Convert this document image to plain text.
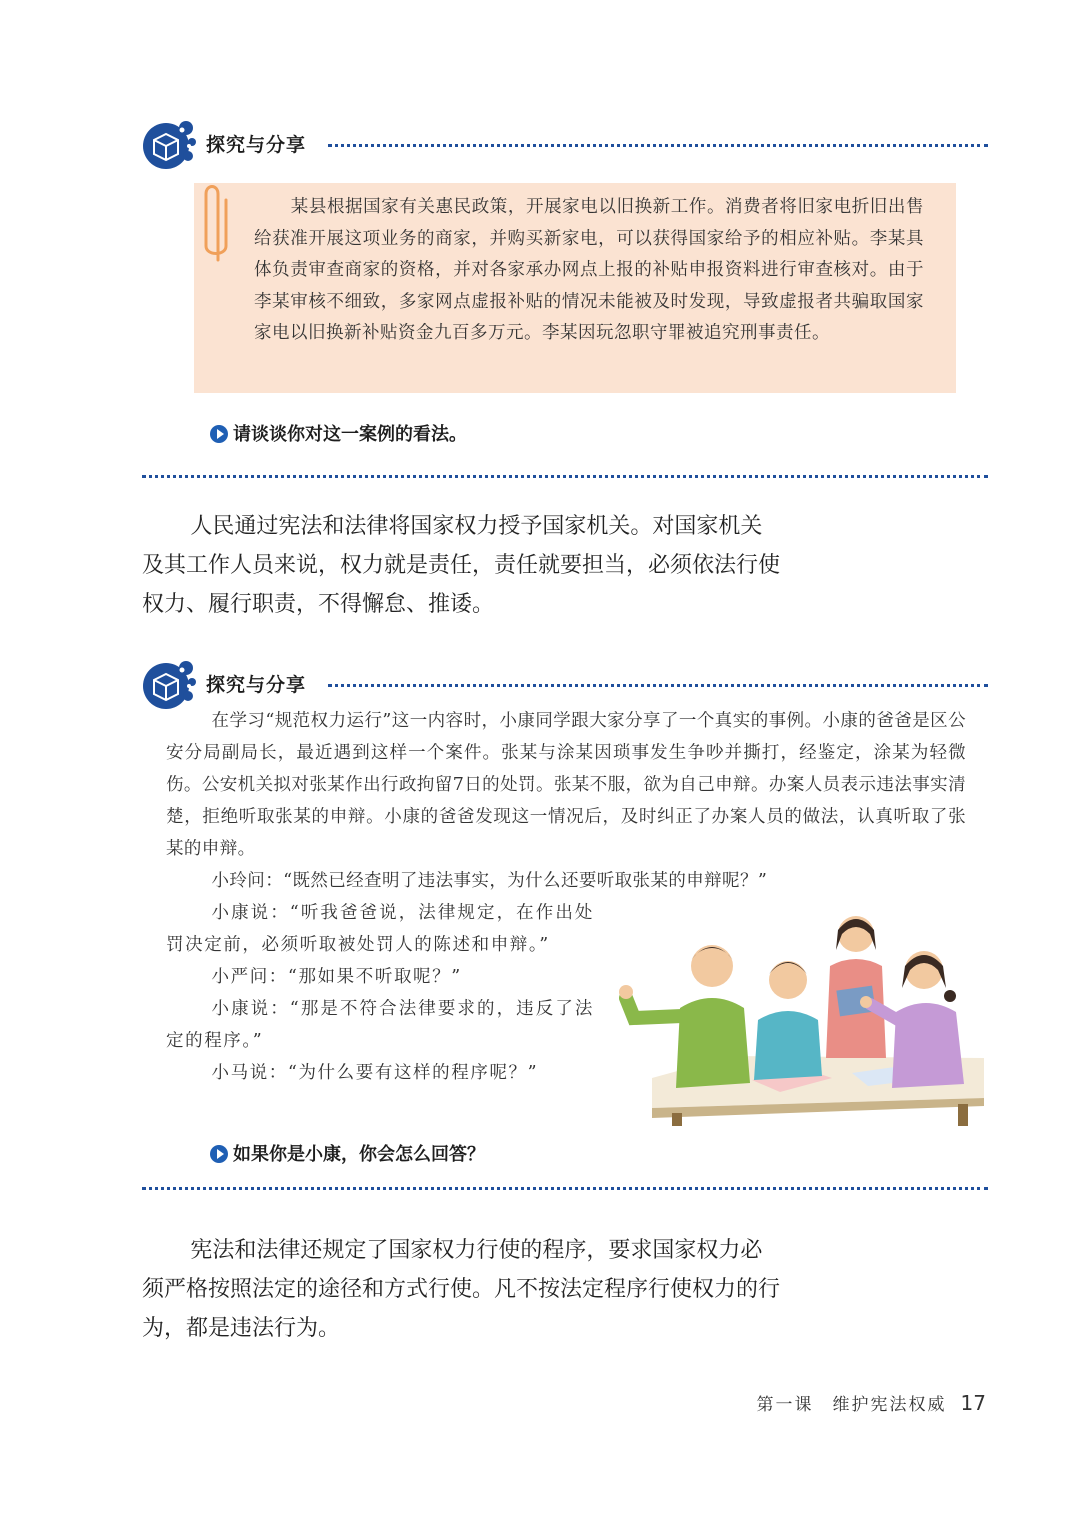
探究与分享

某县根据国家有关惠民政策，开展家电以旧换新工作。消费者将旧家电折旧出售给获准开展这项业务的商家，并购买新家电，可以获得国家给予的相应补贴。李某具体负责审查商家的资格，并对各家承办网点上报的补贴申报资料进行审查核对。由于李某审核不细致，多家网点虚报补贴的情况未能被及时发现，导致虚报者共骗取国家家电以旧换新补贴资金九百多万元。李某因玩忽职守罪被追究刑事责任。

请谈谈你对这一案例的看法。

人民通过宪法和法律将国家权力授予国家机关。对国家机关及其工作人员来说，权力就是责任，责任就要担当，必须依法行使权力、履行职责，不得懈怠、推诿。

探究与分享

在学习“规范权力运行”这一内容时，小康同学跟大家分享了一个真实的事例。小康的爸爸是区公安分局副局长，最近遇到这样一个案件。张某与涂某因琐事发生争吵并撕打，经鉴定，涂某为轻微伤。公安机关拟对张某作出行政拘留7日的处罚。张某不服，欲为自己申辩。办案人员表示违法事实清楚，拒绝听取张某的申辩。小康的爸爸发现这一情况后，及时纠正了办案人员的做法，认真听取了张某的申辩。

小玲问：“既然已经查明了违法事实，为什么还要听取张某的申辩呢？”

小康说：“听我爸爸说，法律规定，在作出处罚决定前，必须听取被处罚人的陈述和申辩。”

小严问：“那如果不听取呢？”

小康说：“那是不符合法律要求的，违反了法定的程序。”

小马说：“为什么要有这样的程序呢？”

如果你是小康，你会怎么回答？

宪法和法律还规定了国家权力行使的程序，要求国家权力必须严格按照法定的途径和方式行使。凡不按法定程序行使权力的行为，都是违法行为。

第一课　维护宪法权威 17
